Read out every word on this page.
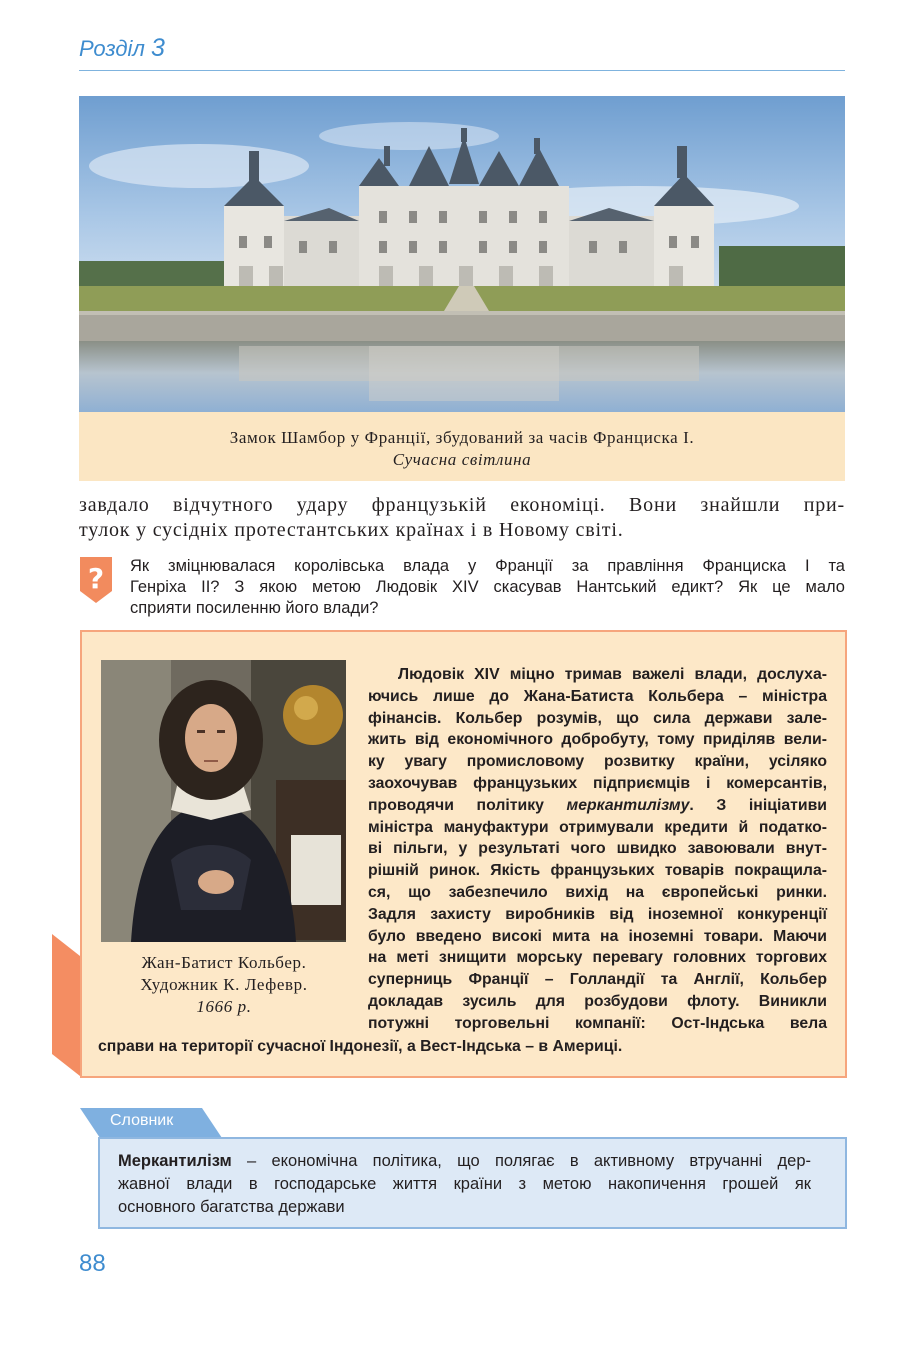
Розділ 3
Замок Шамбор у Франції, збудований за часів Франциска І.
Сучасна світлина

завдало відчутного удару французькій економіці. Вони знайшли при-

тулок у сусідніх протестантських країнах і в Новому світі.

? Як зміцнювалася королівська влада у Франції за правління Франциска І та

Генріха ІІ? З якою метою Людовік XIV скасував Нантський едикт? Як це мало

сприяти посиленню його влади?

Жан-Батист Кольбер.
Художник К. Лефевр.
1666 р.

Людовік XIV міцно тримав важелі влади, дослуха-

ючись лише до Жана-Батиста Кольбера – міністра

фінансів. Кольбер розумів, що сила держави зале-

жить від економічного добробуту, тому приділяв вели-

ку увагу промисловому розвитку країни, усіляко

заохочував французьких підприємців і комерсантів,

проводячи політику меркантилізму. З ініціативи

міністра мануфактури отримували кредити й податко-

ві пільги, у результаті чого швидко завоювали внут-

рішній ринок. Якість французьких товарів покращила-

ся, що забезпечило вихід на європейські ринки.

Задля захисту виробників від іноземної конкуренції

було введено високі мита на іноземні товари. Маючи

на меті знищити морську перевагу головних торгових

суперниць Франції – Голландії та Англії, Кольбер

докладав зусиль для розбудови флоту. Виникли

потужні торговельні компанії: Ост-Індська вела

справи на території сучасної Індонезії, а Вест-Індська – в Америці.

Словник

Меркантилізм – економічна політика, що полягає в активному втручанні дер-

жавної влади в господарське життя країни з метою накопичення грошей як

основного багатства держави

88
